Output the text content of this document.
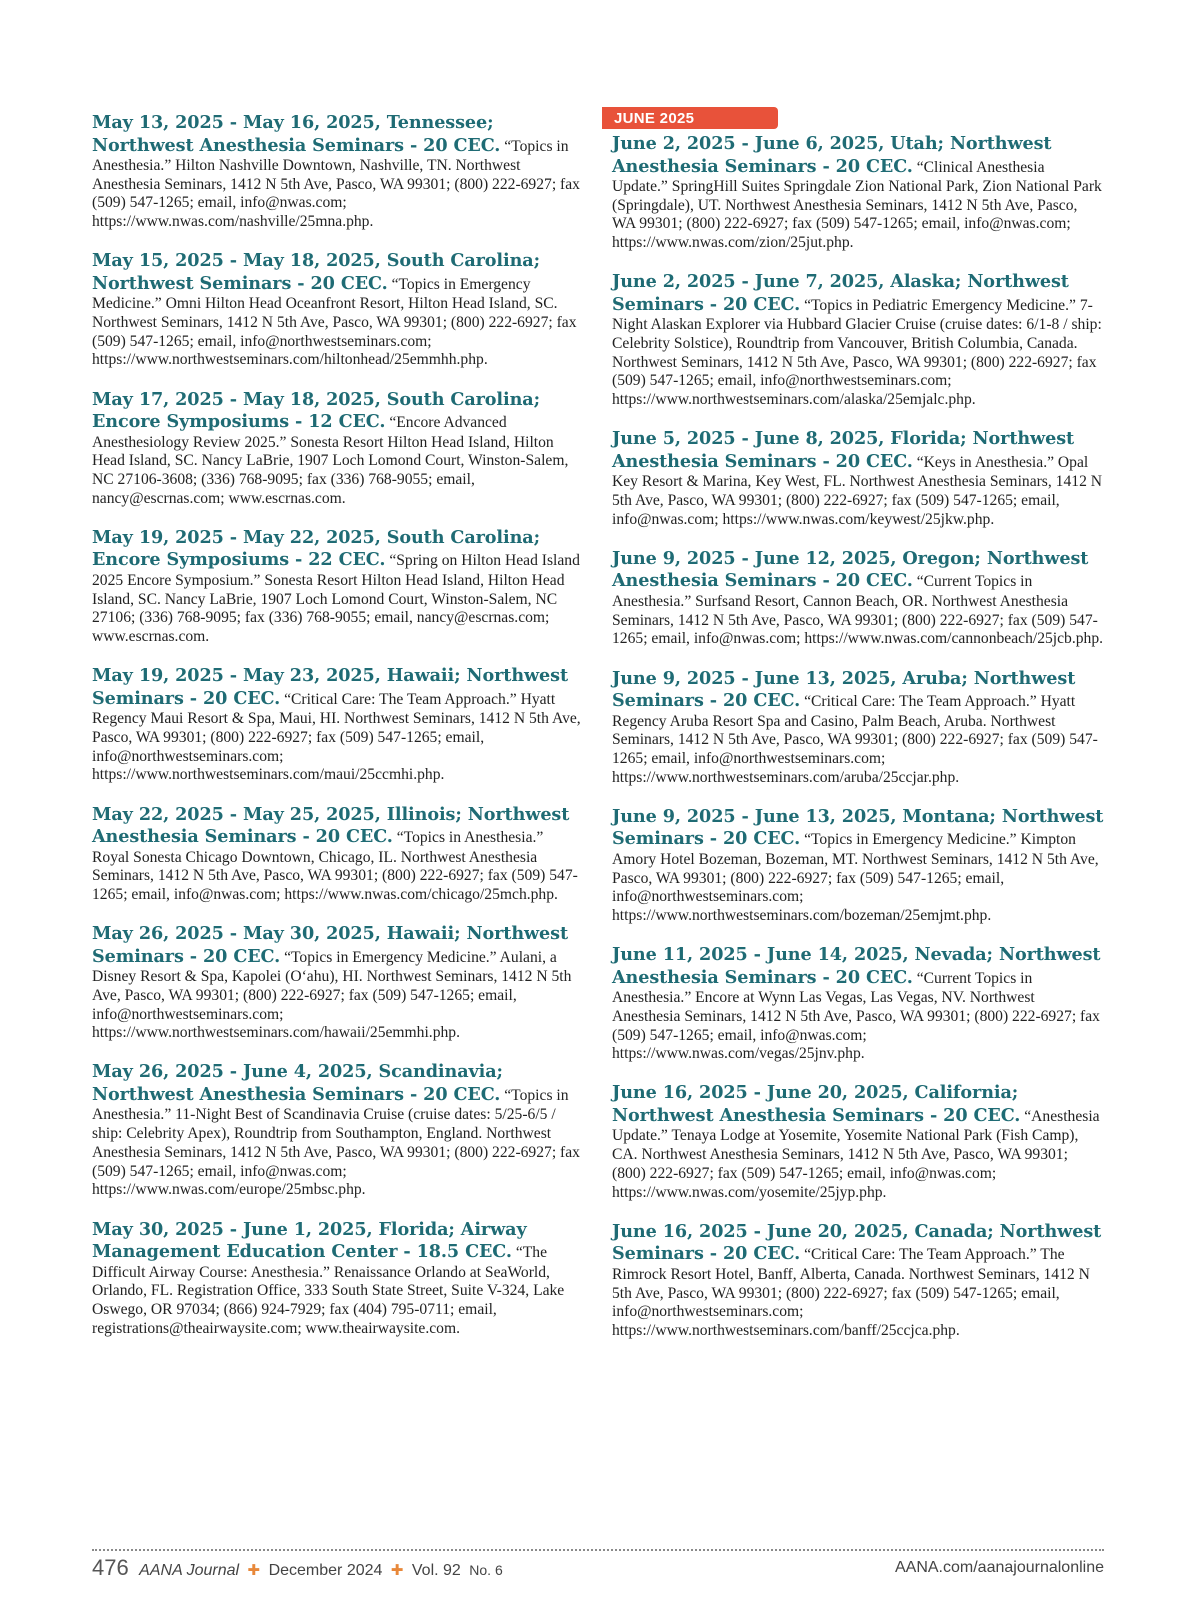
May 13, 2025 - May 16, 2025, Tennessee; Northwest Anesthesia Seminars - 20 CEC. “Topics in Anesthesia.” Hilton Nashville Downtown, Nashville, TN. Northwest Anesthesia Seminars, 1412 N 5th Ave, Pasco, WA 99301; (800) 222-6927; fax (509) 547-1265; email, info@nwas.com; https://www.nwas.com/nashville/25mna.php.

May 15, 2025 - May 18, 2025, South Carolina; Northwest Seminars - 20 CEC. “Topics in Emergency Medicine.” Omni Hilton Head Oceanfront Resort, Hilton Head Island, SC. Northwest Seminars, 1412 N 5th Ave, Pasco, WA 99301; (800) 222-6927; fax (509) 547-1265; email, info@northwestseminars.com; https://www.northwestseminars.com/hiltonhead/25emmhh.php.

May 17, 2025 - May 18, 2025, South Carolina; Encore Symposiums - 12 CEC. “Encore Advanced Anesthesiology Review 2025.” Sonesta Resort Hilton Head Island, Hilton Head Island, SC. Nancy LaBrie, 1907 Loch Lomond Court, Winston-Salem, NC 27106-3608; (336) 768-9095; fax (336) 768-9055; email, nancy@escrnas.com; www.escrnas.com.

May 19, 2025 - May 22, 2025, South Carolina; Encore Symposiums - 22 CEC. “Spring on Hilton Head Island 2025 Encore Symposium.” Sonesta Resort Hilton Head Island, Hilton Head Island, SC. Nancy LaBrie, 1907 Loch Lomond Court, Winston-Salem, NC 27106; (336) 768-9095; fax (336) 768-9055; email, nancy@escrnas.com; www.escrnas.com.

May 19, 2025 - May 23, 2025, Hawaii; Northwest Seminars - 20 CEC. “Critical Care: The Team Approach.” Hyatt Regency Maui Resort & Spa, Maui, HI. Northwest Seminars, 1412 N 5th Ave, Pasco, WA 99301; (800) 222-6927; fax (509) 547-1265; email, info@northwestseminars.com; https://www.northwestseminars.com/maui/25ccmhi.php.

May 22, 2025 - May 25, 2025, Illinois; Northwest Anesthesia Seminars - 20 CEC. “Topics in Anesthesia.” Royal Sonesta Chicago Downtown, Chicago, IL. Northwest Anesthesia Seminars, 1412 N 5th Ave, Pasco, WA 99301; (800) 222-6927; fax (509) 547-1265; email, info@nwas.com; https://www.nwas.com/chicago/25mch.php.

May 26, 2025 - May 30, 2025, Hawaii; Northwest Seminars - 20 CEC. “Topics in Emergency Medicine.” Aulani, a Disney Resort & Spa, Kapolei (O‘ahu), HI. Northwest Seminars, 1412 N 5th Ave, Pasco, WA 99301; (800) 222-6927; fax (509) 547-1265; email, info@northwestseminars.com; https://www.northwestseminars.com/hawaii/25emmhi.php.

May 26, 2025 - June 4, 2025, Scandinavia; Northwest Anesthesia Seminars - 20 CEC. “Topics in Anesthesia.” 11-Night Best of Scandinavia Cruise (cruise dates: 5/25-6/5 / ship: Celebrity Apex), Roundtrip from Southampton, England. Northwest Anesthesia Seminars, 1412 N 5th Ave, Pasco, WA 99301; (800) 222-6927; fax (509) 547-1265; email, info@nwas.com; https://www.nwas.com/europe/25mbsc.php.

May 30, 2025 - June 1, 2025, Florida; Airway Management Education Center - 18.5 CEC. “The Difficult Airway Course: Anesthesia.” Renaissance Orlando at SeaWorld, Orlando, FL. Registration Office, 333 South State Street, Suite V-324, Lake Oswego, OR 97034; (866) 924-7929; fax (404) 795-0711; email, registrations@theairwaysite.com; www.theairwaysite.com.

JUNE 2025

June 2, 2025 - June 6, 2025, Utah; Northwest Anesthesia Seminars - 20 CEC. “Clinical Anesthesia Update.” SpringHill Suites Springdale Zion National Park, Zion National Park (Springdale), UT. Northwest Anesthesia Seminars, 1412 N 5th Ave, Pasco, WA 99301; (800) 222-6927; fax (509) 547-1265; email, info@nwas.com; https://www.nwas.com/zion/25jut.php.

June 2, 2025 - June 7, 2025, Alaska; Northwest Seminars - 20 CEC. “Topics in Pediatric Emergency Medicine.” 7-Night Alaskan Explorer via Hubbard Glacier Cruise (cruise dates: 6/1-8 / ship: Celebrity Solstice), Roundtrip from Vancouver, British Columbia, Canada. Northwest Seminars, 1412 N 5th Ave, Pasco, WA 99301; (800) 222-6927; fax (509) 547-1265; email, info@northwestseminars.com; https://www.northwestseminars.com/alaska/25emjalc.php.

June 5, 2025 - June 8, 2025, Florida; Northwest Anesthesia Seminars - 20 CEC. “Keys in Anesthesia.” Opal Key Resort & Marina, Key West, FL. Northwest Anesthesia Seminars, 1412 N 5th Ave, Pasco, WA 99301; (800) 222-6927; fax (509) 547-1265; email, info@nwas.com; https://www.nwas.com/keywest/25jkw.php.

June 9, 2025 - June 12, 2025, Oregon; Northwest Anesthesia Seminars - 20 CEC. “Current Topics in Anesthesia.” Surfsand Resort, Cannon Beach, OR. Northwest Anesthesia Seminars, 1412 N 5th Ave, Pasco, WA 99301; (800) 222-6927; fax (509) 547-1265; email, info@nwas.com; https://www.nwas.com/cannonbeach/25jcb.php.

June 9, 2025 - June 13, 2025, Aruba; Northwest Seminars - 20 CEC. “Critical Care: The Team Approach.” Hyatt Regency Aruba Resort Spa and Casino, Palm Beach, Aruba. Northwest Seminars, 1412 N 5th Ave, Pasco, WA 99301; (800) 222-6927; fax (509) 547-1265; email, info@northwestseminars.com; https://www.northwestseminars.com/aruba/25ccjar.php.

June 9, 2025 - June 13, 2025, Montana; Northwest Seminars - 20 CEC. “Topics in Emergency Medicine.” Kimpton Amory Hotel Bozeman, Bozeman, MT. Northwest Seminars, 1412 N 5th Ave, Pasco, WA 99301; (800) 222-6927; fax (509) 547-1265; email, info@northwestseminars.com; https://www.northwestseminars.com/bozeman/25emjmt.php.

June 11, 2025 - June 14, 2025, Nevada; Northwest Anesthesia Seminars - 20 CEC. “Current Topics in Anesthesia.” Encore at Wynn Las Vegas, Las Vegas, NV. Northwest Anesthesia Seminars, 1412 N 5th Ave, Pasco, WA 99301; (800) 222-6927; fax (509) 547-1265; email, info@nwas.com; https://www.nwas.com/vegas/25jnv.php.

June 16, 2025 - June 20, 2025, California; Northwest Anesthesia Seminars - 20 CEC. “Anesthesia Update.” Tenaya Lodge at Yosemite, Yosemite National Park (Fish Camp), CA. Northwest Anesthesia Seminars, 1412 N 5th Ave, Pasco, WA 99301; (800) 222-6927; fax (509) 547-1265; email, info@nwas.com; https://www.nwas.com/yosemite/25jyp.php.

June 16, 2025 - June 20, 2025, Canada; Northwest Seminars - 20 CEC. “Critical Care: The Team Approach.” The Rimrock Resort Hotel, Banff, Alberta, Canada. Northwest Seminars, 1412 N 5th Ave, Pasco, WA 99301; (800) 222-6927; fax (509) 547-1265; email, info@northwestseminars.com; https://www.northwestseminars.com/banff/25ccjca.php.

476 AANA Journal ✚ December 2024 ✚ Vol. 92 No. 6	AANA.com/aanajournalonline
